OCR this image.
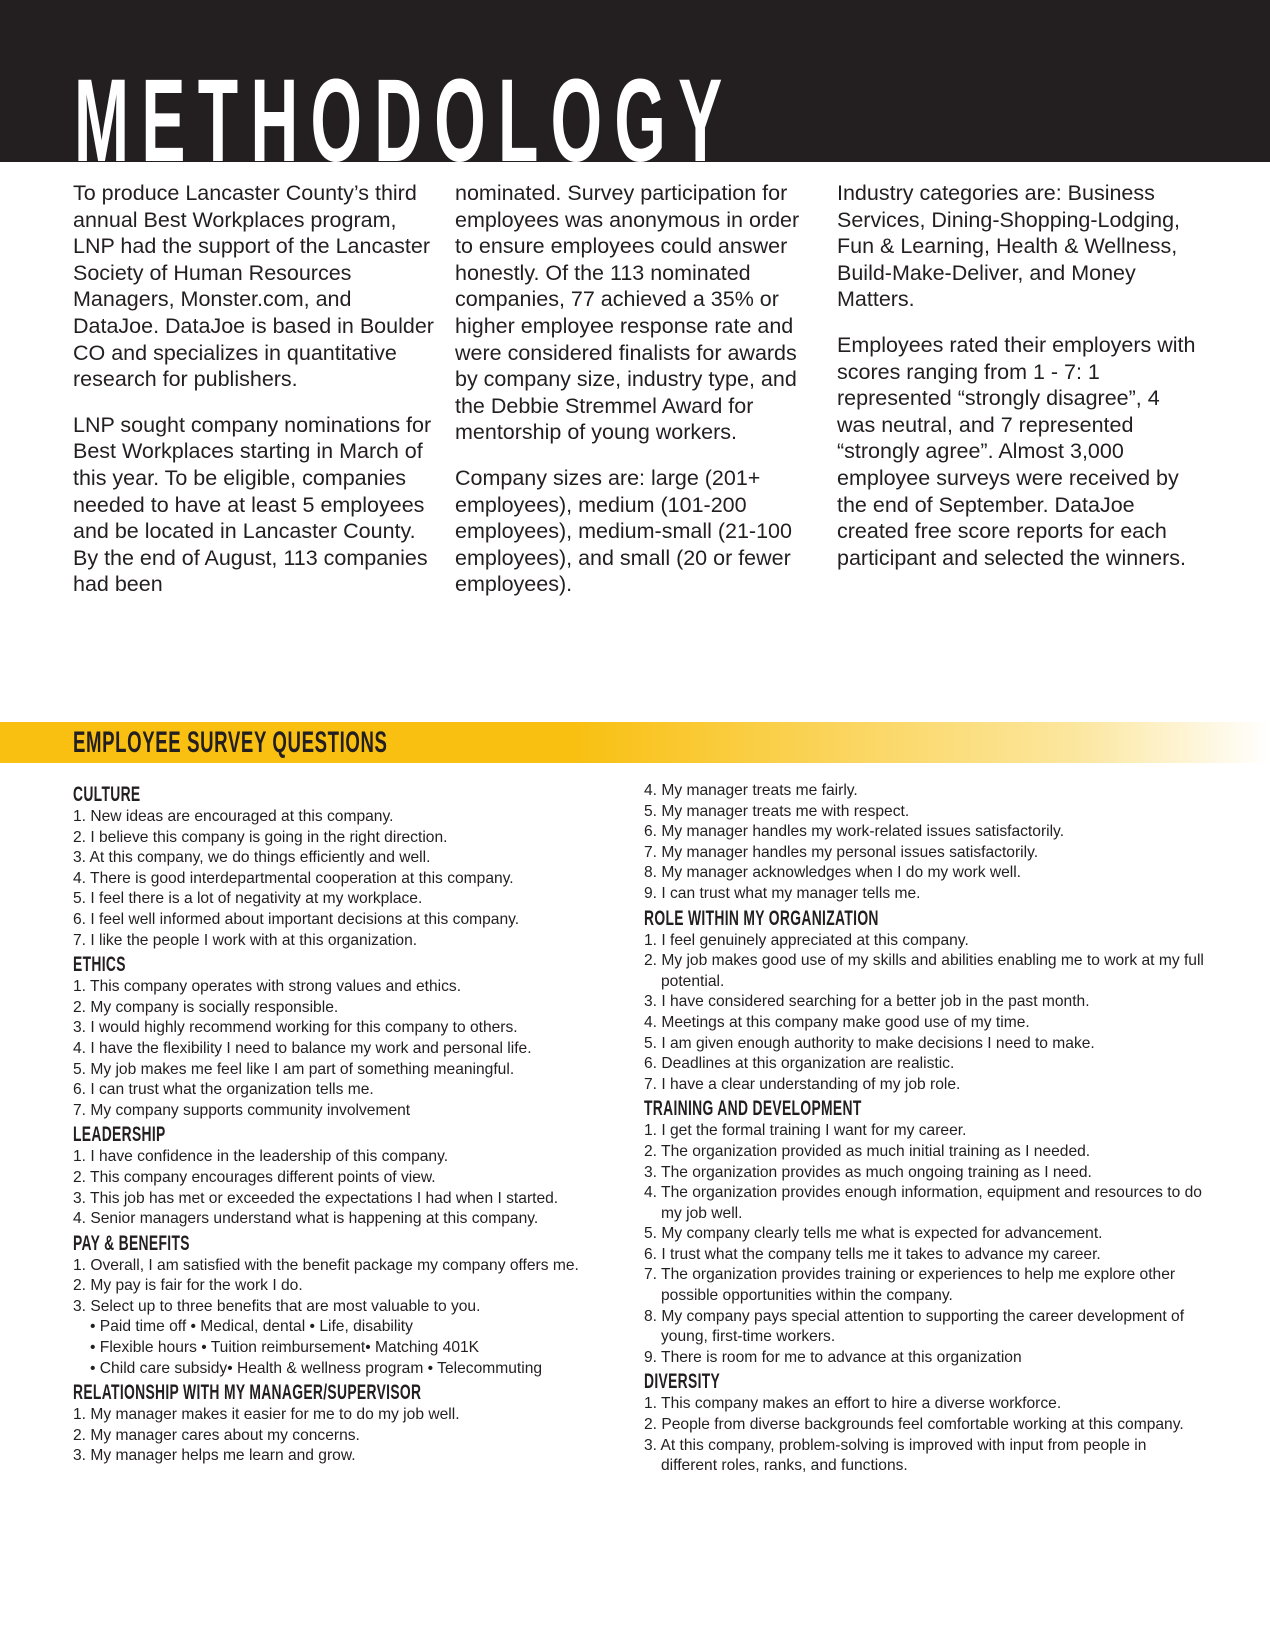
METHODOLOGY

To produce Lancaster County’s third annual Best Workplaces program, LNP had the support of the Lancaster Society of Human Resources Managers, Monster.com, and DataJoe. DataJoe is based in Boulder CO and specializes in quantitative research for publishers.

LNP sought company nominations for Best Workplaces starting in March of this year. To be eligible, companies needed to have at least 5 employees and be located in Lancaster County. By the end of August, 113 companies had been

nominated. Survey participation for employees was anonymous in order to ensure employees could answer honestly. Of the 113 nominated companies, 77 achieved a 35% or higher employee response rate and were considered finalists for awards by company size, industry type, and the Debbie Stremmel Award for mentorship of young workers.

Company sizes are: large (201+ employees), medium (101-200 employees), medium-small (21-100 employees), and small (20 or fewer employees).

Industry categories are: Business Services, Dining-Shopping-Lodging, Fun & Learning, Health & Wellness, Build-Make-Deliver, and Money Matters.

Employees rated their employers with scores ranging from 1 - 7: 1 represented “strongly disagree”, 4 was neutral, and 7 represented “strongly agree”. Almost 3,000 employee surveys were received by the end of September. DataJoe created free score reports for each participant and selected the winners.

EMPLOYEE SURVEY QUESTIONS
CULTURE
1. New ideas are encouraged at this company.
2. I believe this company is going in the right direction.
3. At this company, we do things efficiently and well.
4. There is good interdepartmental cooperation at this company.
5. I feel there is a lot of negativity at my workplace.
6. I feel well informed about important decisions at this company.
7. I like the people I work with at this organization.
ETHICS
1. This company operates with strong values and ethics.
2. My company is socially responsible.
3. I would highly recommend working for this company to others.
4. I have the flexibility I need to balance my work and personal life.
5. My job makes me feel like I am part of something meaningful.
6. I can trust what the organization tells me.
7. My company supports community involvement
LEADERSHIP
1. I have confidence in the leadership of this company.
2. This company encourages different points of view.
3. This job has met or exceeded the expectations I had when I started.
4. Senior managers understand what is happening at this company.
PAY & BENEFITS
1. Overall, I am satisfied with the benefit package my company offers me.
2. My pay is fair for the work I do.
3. Select up to three benefits that are most valuable to you.
• Paid time off • Medical, dental • Life, disability
• Flexible hours • Tuition reimbursement• Matching 401K
• Child care subsidy• Health & wellness program • Telecommuting
RELATIONSHIP WITH MY MANAGER/SUPERVISOR
1. My manager makes it easier for me to do my job well.
2. My manager cares about my concerns.
3. My manager helps me learn and grow.
4. My manager treats me fairly.
5. My manager treats me with respect.
6. My manager handles my work-related issues satisfactorily.
7. My manager handles my personal issues satisfactorily.
8. My manager acknowledges when I do my work well.
9. I can trust what my manager tells me.
ROLE WITHIN MY ORGANIZATION
1. I feel genuinely appreciated at this company.
2. My job makes good use of my skills and abilities enabling me to work at my full potential.
3. I have considered searching for a better job in the past month.
4. Meetings at this company make good use of my time.
5. I am given enough authority to make decisions I need to make.
6. Deadlines at this organization are realistic.
7. I have a clear understanding of my job role.
TRAINING AND DEVELOPMENT
1. I get the formal training I want for my career.
2. The organization provided as much initial training as I needed.
3. The organization provides as much ongoing training as I need.
4. The organization provides enough information, equipment and resources to do my job well.
5. My company clearly tells me what is expected for advancement.
6. I trust what the company tells me it takes to advance my career.
7. The organization provides training or experiences to help me explore other possible opportunities within the company.
8. My company pays special attention to supporting the career development of young, first-time workers.
9. There is room for me to advance at this organization
DIVERSITY
1. This company makes an effort to hire a diverse workforce.
2. People from diverse backgrounds feel comfortable working at this company.
3. At this company, problem-solving is improved with input from people in different roles, ranks, and functions.
